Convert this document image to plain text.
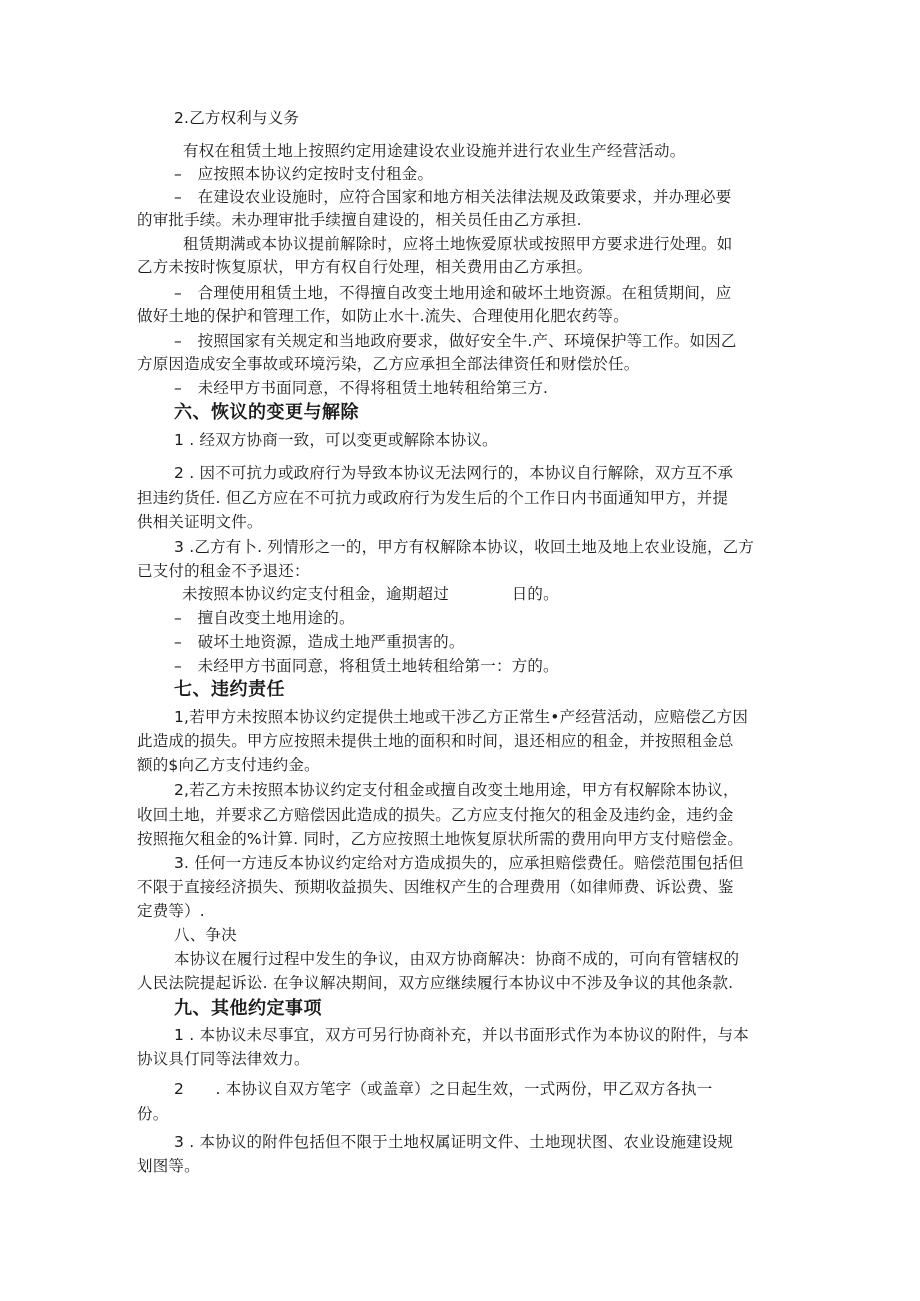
2.乙方权利与义务
有权在租赁土地上按照约定用途建设农业设施并进行农业生产经营活动。
–　应按照本协议约定按时支付租金。
–　在建设农业设施时，应符合国家和地方相关法律法规及政策要求，并办理必要
的审批手续。未办理审批手续擅自建设的，相关员任由乙方承担.
租赁期满或本协议提前解除时，应将土地恢爱原状或按照甲方要求进行处理。如
乙方未按时恢复原状，甲方有权自行处理，相关费用由乙方承担。
–　合理使用租赁土地，不得擅自改变土地用途和破坏土地资源。在租赁期间，应
做好土地的保护和管理工作，如防止水十.流失、合理使用化肥农药等。
–　按照国家有关规定和当地政府要求，做好安全牛.产、环境保护等工作。如因乙
方原因造成安全事故或环境污染，乙方应承担全部法律资任和财偿於任。
–　未经甲方书面同意，不得将租赁土地转租给第三方.
六、恢议的变更与解除
1 . 经双方协商一致，可以变更或解除本协议。
2 . 因不可抗力或政府行为导致本协议无法网行的，本协议自行解除，双方互不承
担违约货任. 但乙方应在不可抗力或政府行为发生后的个工作日内书面通知甲方，并提
供相关证明文件。
3 .乙方有卜. 列情形之一的，甲方有权解除本协议，收回土地及地上农业设施，乙方
已支付的租金不予退还：
未按照本协议约定支付租金，逾期超过　　　　日的。
–　擅自改变土地用途的。
–　破坏土地资源，造成土地严重损害的。
–　未经甲方书面同意，将租赁土地转租给第一：方的。
七、违约责任
1,若甲方未按照本协议约定提供土地或干涉乙方正常生•产经营活动，应赔偿乙方因
此造成的损失。甲方应按照未提供土地的面积和时间，退还相应的租金，并按照租金总
额的$向乙方支付违约金。
2,若乙方未按照本协议约定支付租金或擅自改变土地用途，甲方有权解除本协议，
收回土地，并要求乙方赔偿因此造成的损失。乙方应支付拖欠的租金及违约金，违约金
按照拖欠租金的%计算. 同时，乙方应按照土地恢复原状所需的费用向甲方支付赔偿金。
3. 任何一方违反本协议约定给对方造成损失的，应承担赔偿费任。赔偿范围包括但
不限于直接经济损失、预期收益损失、因维权产生的合理费用（如律师费、诉讼费、鉴
定费等）.
八、争决
本协议在履行过程中发生的争议，由双方协商解决：协商不成的，可向有管辖权的
人民法院提起诉讼. 在争议解决期间，双方应继续履行本协议中不涉及争议的其他条款.
九、其他约定事项
1 . 本协议未尽事宜，双方可另行协商补充，并以书面形式作为本协议的附件，与本
协议具仃同等法律效力。
2　　. 本协议自双方笔字（或盖章）之日起生效，一式两份，甲乙双方各执一
份。
3 . 本协议的附件包括但不限于土地权属证明文件、土地现状图、农业设施建设规
划图等。
